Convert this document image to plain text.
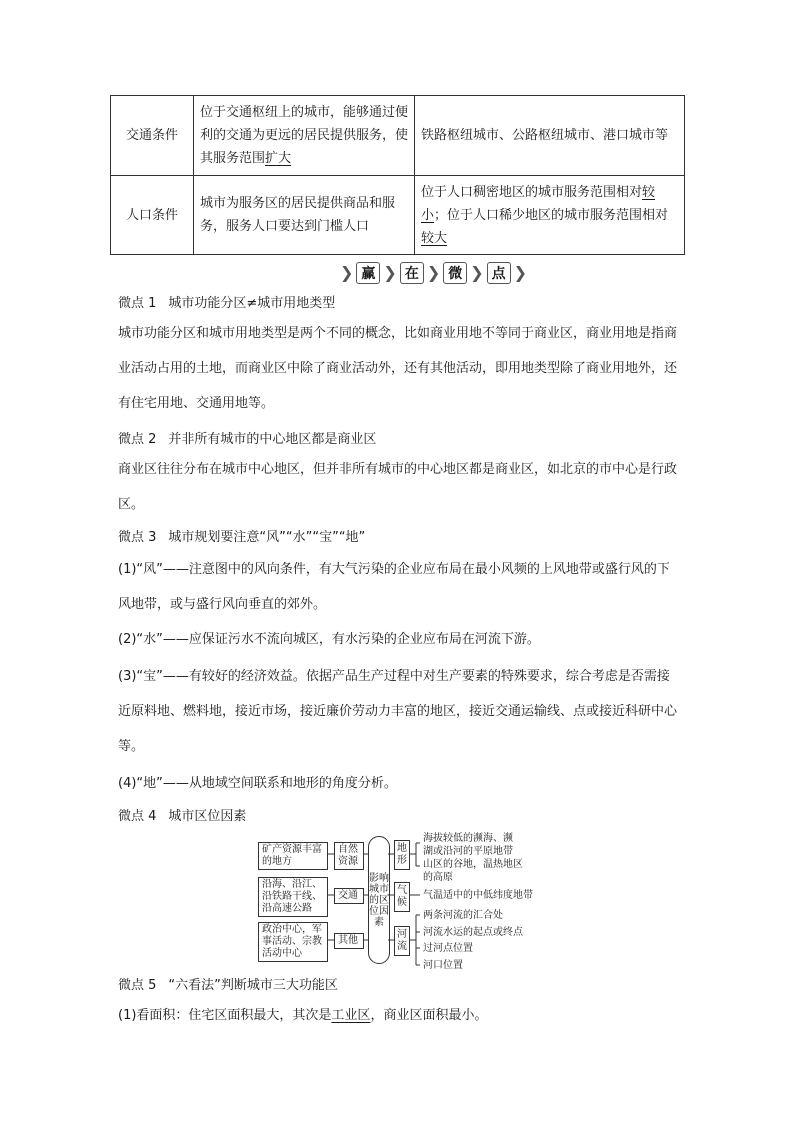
交通条件	位于交通枢纽上的城市，能够通过便利的交通为更远的居民提供服务，使其服务范围扩大	铁路枢纽城市、公路枢纽城市、港口城市等
人口条件	城市为服务区的居民提供商品和服务，服务人口要达到门槛人口	位于人口稠密地区的城市服务范围相对较小；位于人口稀少地区的城市服务范围相对较大
❯ 赢 ❯ 在 ❯ 微 ❯ 点 ❯
微点 1 城市功能分区≠城市用地类型
城市功能分区和城市用地类型是两个不同的概念，比如商业用地不等同于商业区，商业用地是指商业活动占用的土地，而商业区中除了商业活动外，还有其他活动，即用地类型除了商业用地外，还有住宅用地、交通用地等。
微点 2 并非所有城市的中心地区都是商业区
商业区往往分布在城市中心地区，但并非所有城市的中心地区都是商业区，如北京的市中心是行政区。
微点 3 城市规划要注意“风”“水”“宝”“地”
(1)“风”——注意图中的风向条件，有大气污染的企业应布局在最小风频的上风地带或盛行风的下风地带，或与盛行风向垂直的郊外。
(2)“水”——应保证污水不流向城区，有水污染的企业应布局在河流下游。
(3)“宝”——有较好的经济效益。依据产品生产过程中对生产要素的特殊要求，综合考虑是否需接近原料地、燃料地，接近市场，接近廉价劳动力丰富的地区，接近交通运输线、点或接近科研中心等。
(4)“地”——从地域空间联系和地形的角度分析。
微点 4 城市区位因素
矿产资源丰富的地方
沿海、沿江、沿铁路干线、沿高速公路
政治中心，军事活动、宗教活动中心
自然资源
交通
其他
影响城市的区位因素
地形
气候
河流
海拔较低的濒海、濒
湖或沿河的平原地带
山区的谷地，温热地区
的高原
气温适中的中低纬度地带
两条河流的汇合处
河流水运的起点或终点
过河点位置
河口位置
微点 5 “六看法”判断城市三大功能区
(1)看面积：住宅区面积最大，其次是工业区，商业区面积最小。
